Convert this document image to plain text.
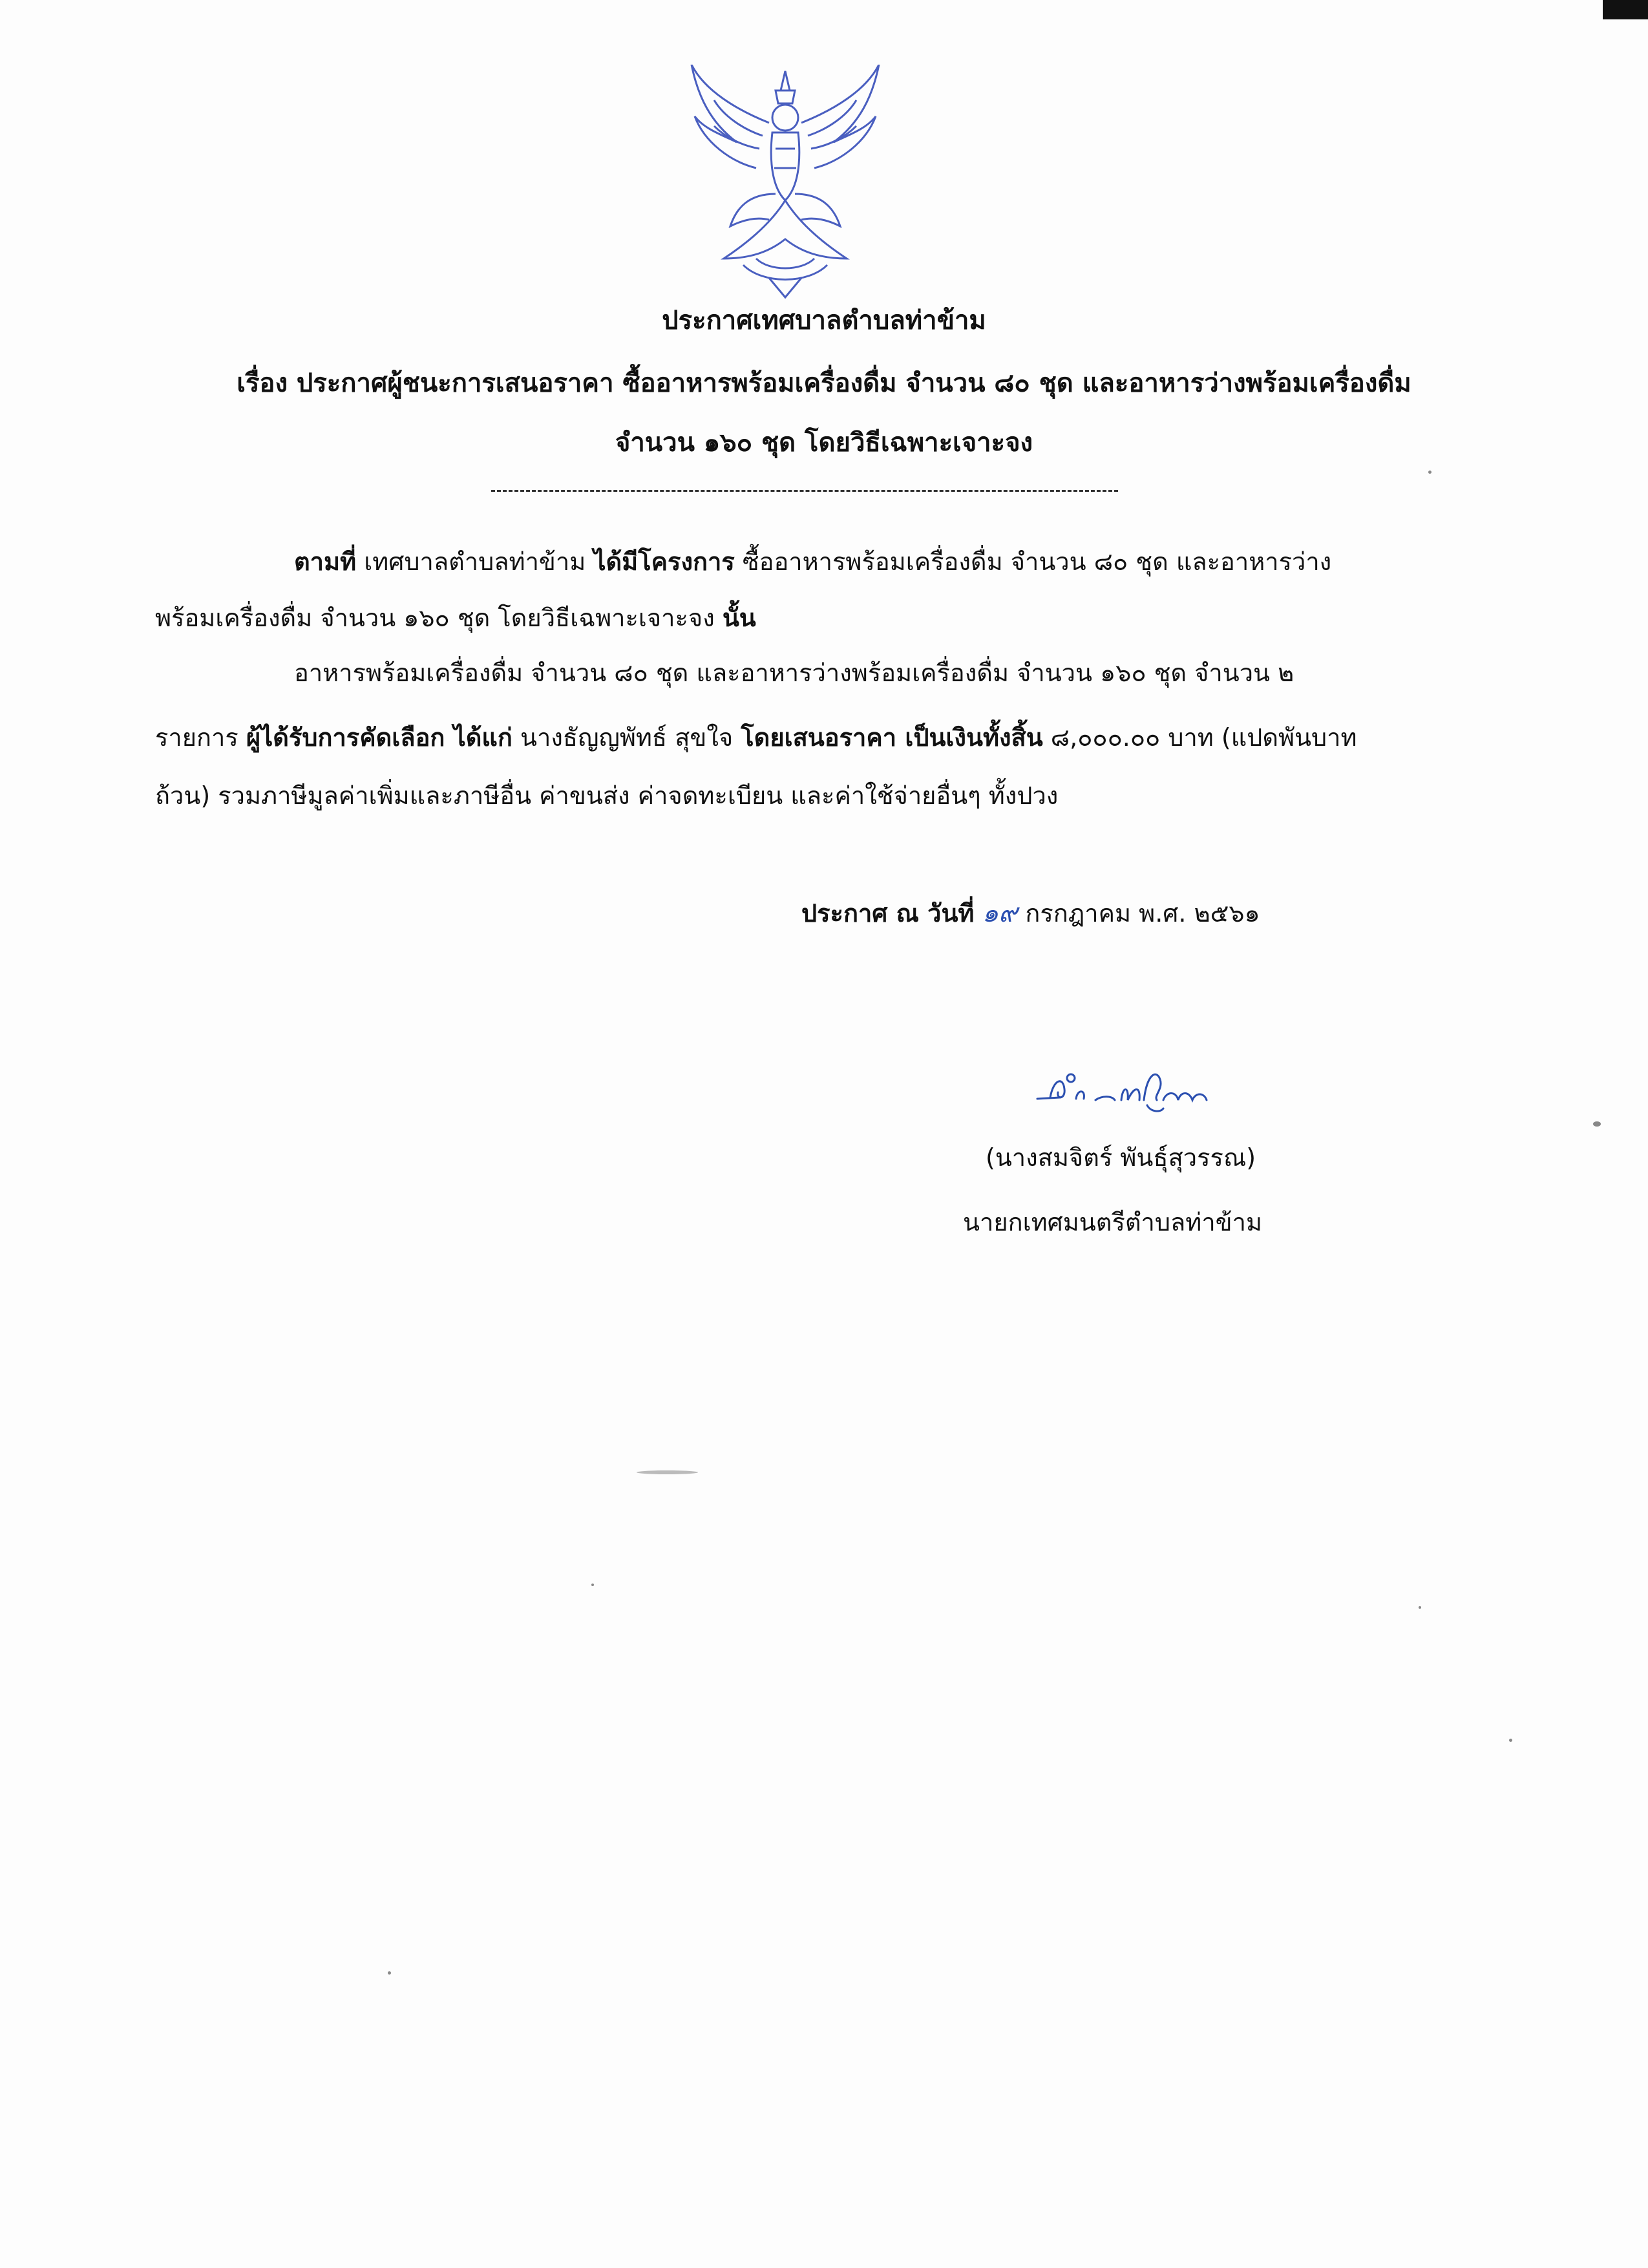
ประกาศเทศบาลตำบลท่าข้าม
เรื่อง ประกาศผู้ชนะการเสนอราคา ซื้ออาหารพร้อมเครื่องดื่ม จำนวน ๘๐ ชุด และอาหารว่างพร้อมเครื่องดื่ม
จำนวน ๑๖๐ ชุด โดยวิธีเฉพาะเจาะจง
ตามที่ เทศบาลตำบลท่าข้าม ได้มีโครงการ ซื้ออาหารพร้อมเครื่องดื่ม จำนวน ๘๐ ชุด และอาหารว่าง
พร้อมเครื่องดื่ม จำนวน ๑๖๐ ชุด โดยวิธีเฉพาะเจาะจง นั้น
อาหารพร้อมเครื่องดื่ม จำนวน ๘๐ ชุด และอาหารว่างพร้อมเครื่องดื่ม จำนวน ๑๖๐ ชุด จำนวน ๒
รายการ ผู้ได้รับการคัดเลือก ได้แก่ นางธัญญพัทธ์ สุขใจ โดยเสนอราคา เป็นเงินทั้งสิ้น ๘,๐๐๐.๐๐ บาท (แปดพันบาท
ถ้วน) รวมภาษีมูลค่าเพิ่มและภาษีอื่น ค่าขนส่ง ค่าจดทะเบียน และค่าใช้จ่ายอื่นๆ ทั้งปวง
ประกาศ ณ วันที่ ๑๙ กรกฎาคม พ.ศ. ๒๕๖๑
(นางสมจิตร์ พันธุ์สุวรรณ)
นายกเทศมนตรีตำบลท่าข้าม
